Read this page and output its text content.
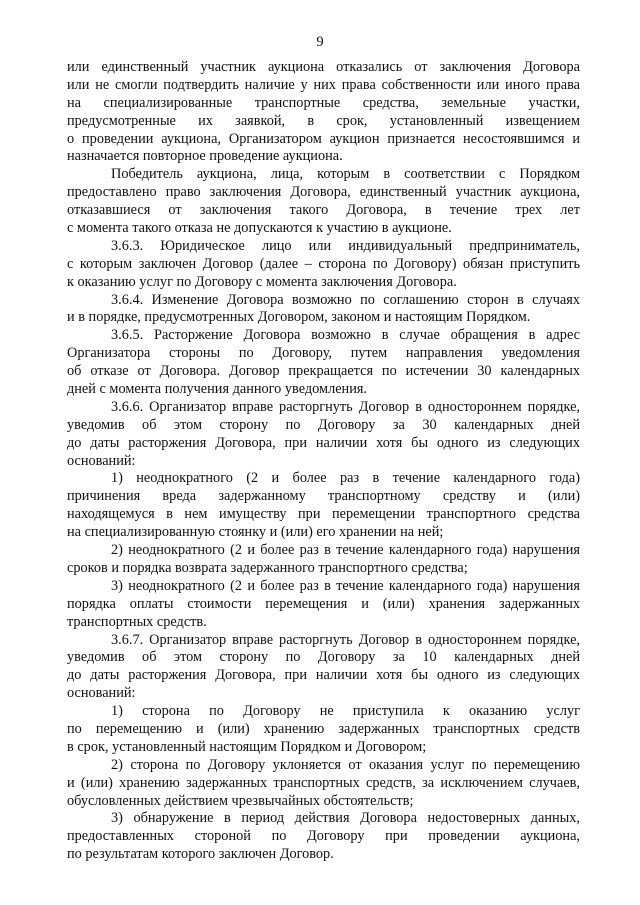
9
или единственный участник аукциона отказались от заключения Договора
или не смогли подтвердить наличие у них права собственности или иного права
на специализированные транспортные средства, земельные участки,
предусмотренные их заявкой, в срок, установленный извещением
о проведении аукциона, Организатором аукцион признается несостоявшимся и
назначается повторное проведение аукциона.
Победитель аукциона, лица, которым в соответствии с Порядком
предоставлено право заключения Договора, единственный участник аукциона,
отказавшиеся от заключения такого Договора, в течение трех лет
с момента такого отказа не допускаются к участию в аукционе.
3.6.3. Юридическое лицо или индивидуальный предприниматель,
с которым заключен Договор (далее – сторона по Договору) обязан приступить
к оказанию услуг по Договору с момента заключения Договора.
3.6.4. Изменение Договора возможно по соглашению сторон в случаях
и в порядке, предусмотренных Договором, законом и настоящим Порядком.
3.6.5. Расторжение Договора возможно в случае обращения в адрес
Организатора стороны по Договору, путем направления уведомления
об отказе от Договора. Договор прекращается по истечении 30 календарных
дней с момента получения данного уведомления.
3.6.6. Организатор вправе расторгнуть Договор в одностороннем порядке,
уведомив об этом сторону по Договору за 30 календарных дней
до даты расторжения Договора, при наличии хотя бы одного из следующих
оснований:
1) неоднократного (2 и более раз в течение календарного года)
причинения вреда задержанному транспортному средству и (или)
находящемуся в нем имуществу при перемещении транспортного средства
на специализированную стоянку и (или) его хранении на ней;
2) неоднократного (2 и более раз в течение календарного года) нарушения
сроков и порядка возврата задержанного транспортного средства;
3) неоднократного (2 и более раз в течение календарного года) нарушения
порядка оплаты стоимости перемещения и (или) хранения задержанных
транспортных средств.
3.6.7. Организатор вправе расторгнуть Договор в одностороннем порядке,
уведомив об этом сторону по Договору за 10 календарных дней
до даты расторжения Договора, при наличии хотя бы одного из следующих
оснований:
1) сторона по Договору не приступила к оказанию услуг
по перемещению и (или) хранению задержанных транспортных средств
в срок, установленный настоящим Порядком и Договором;
2) сторона по Договору уклоняется от оказания услуг по перемещению
и (или) хранению задержанных транспортных средств, за исключением случаев,
обусловленных действием чрезвычайных обстоятельств;
3) обнаружение в период действия Договора недостоверных данных,
предоставленных стороной по Договору при проведении аукциона,
по результатам которого заключен Договор.
